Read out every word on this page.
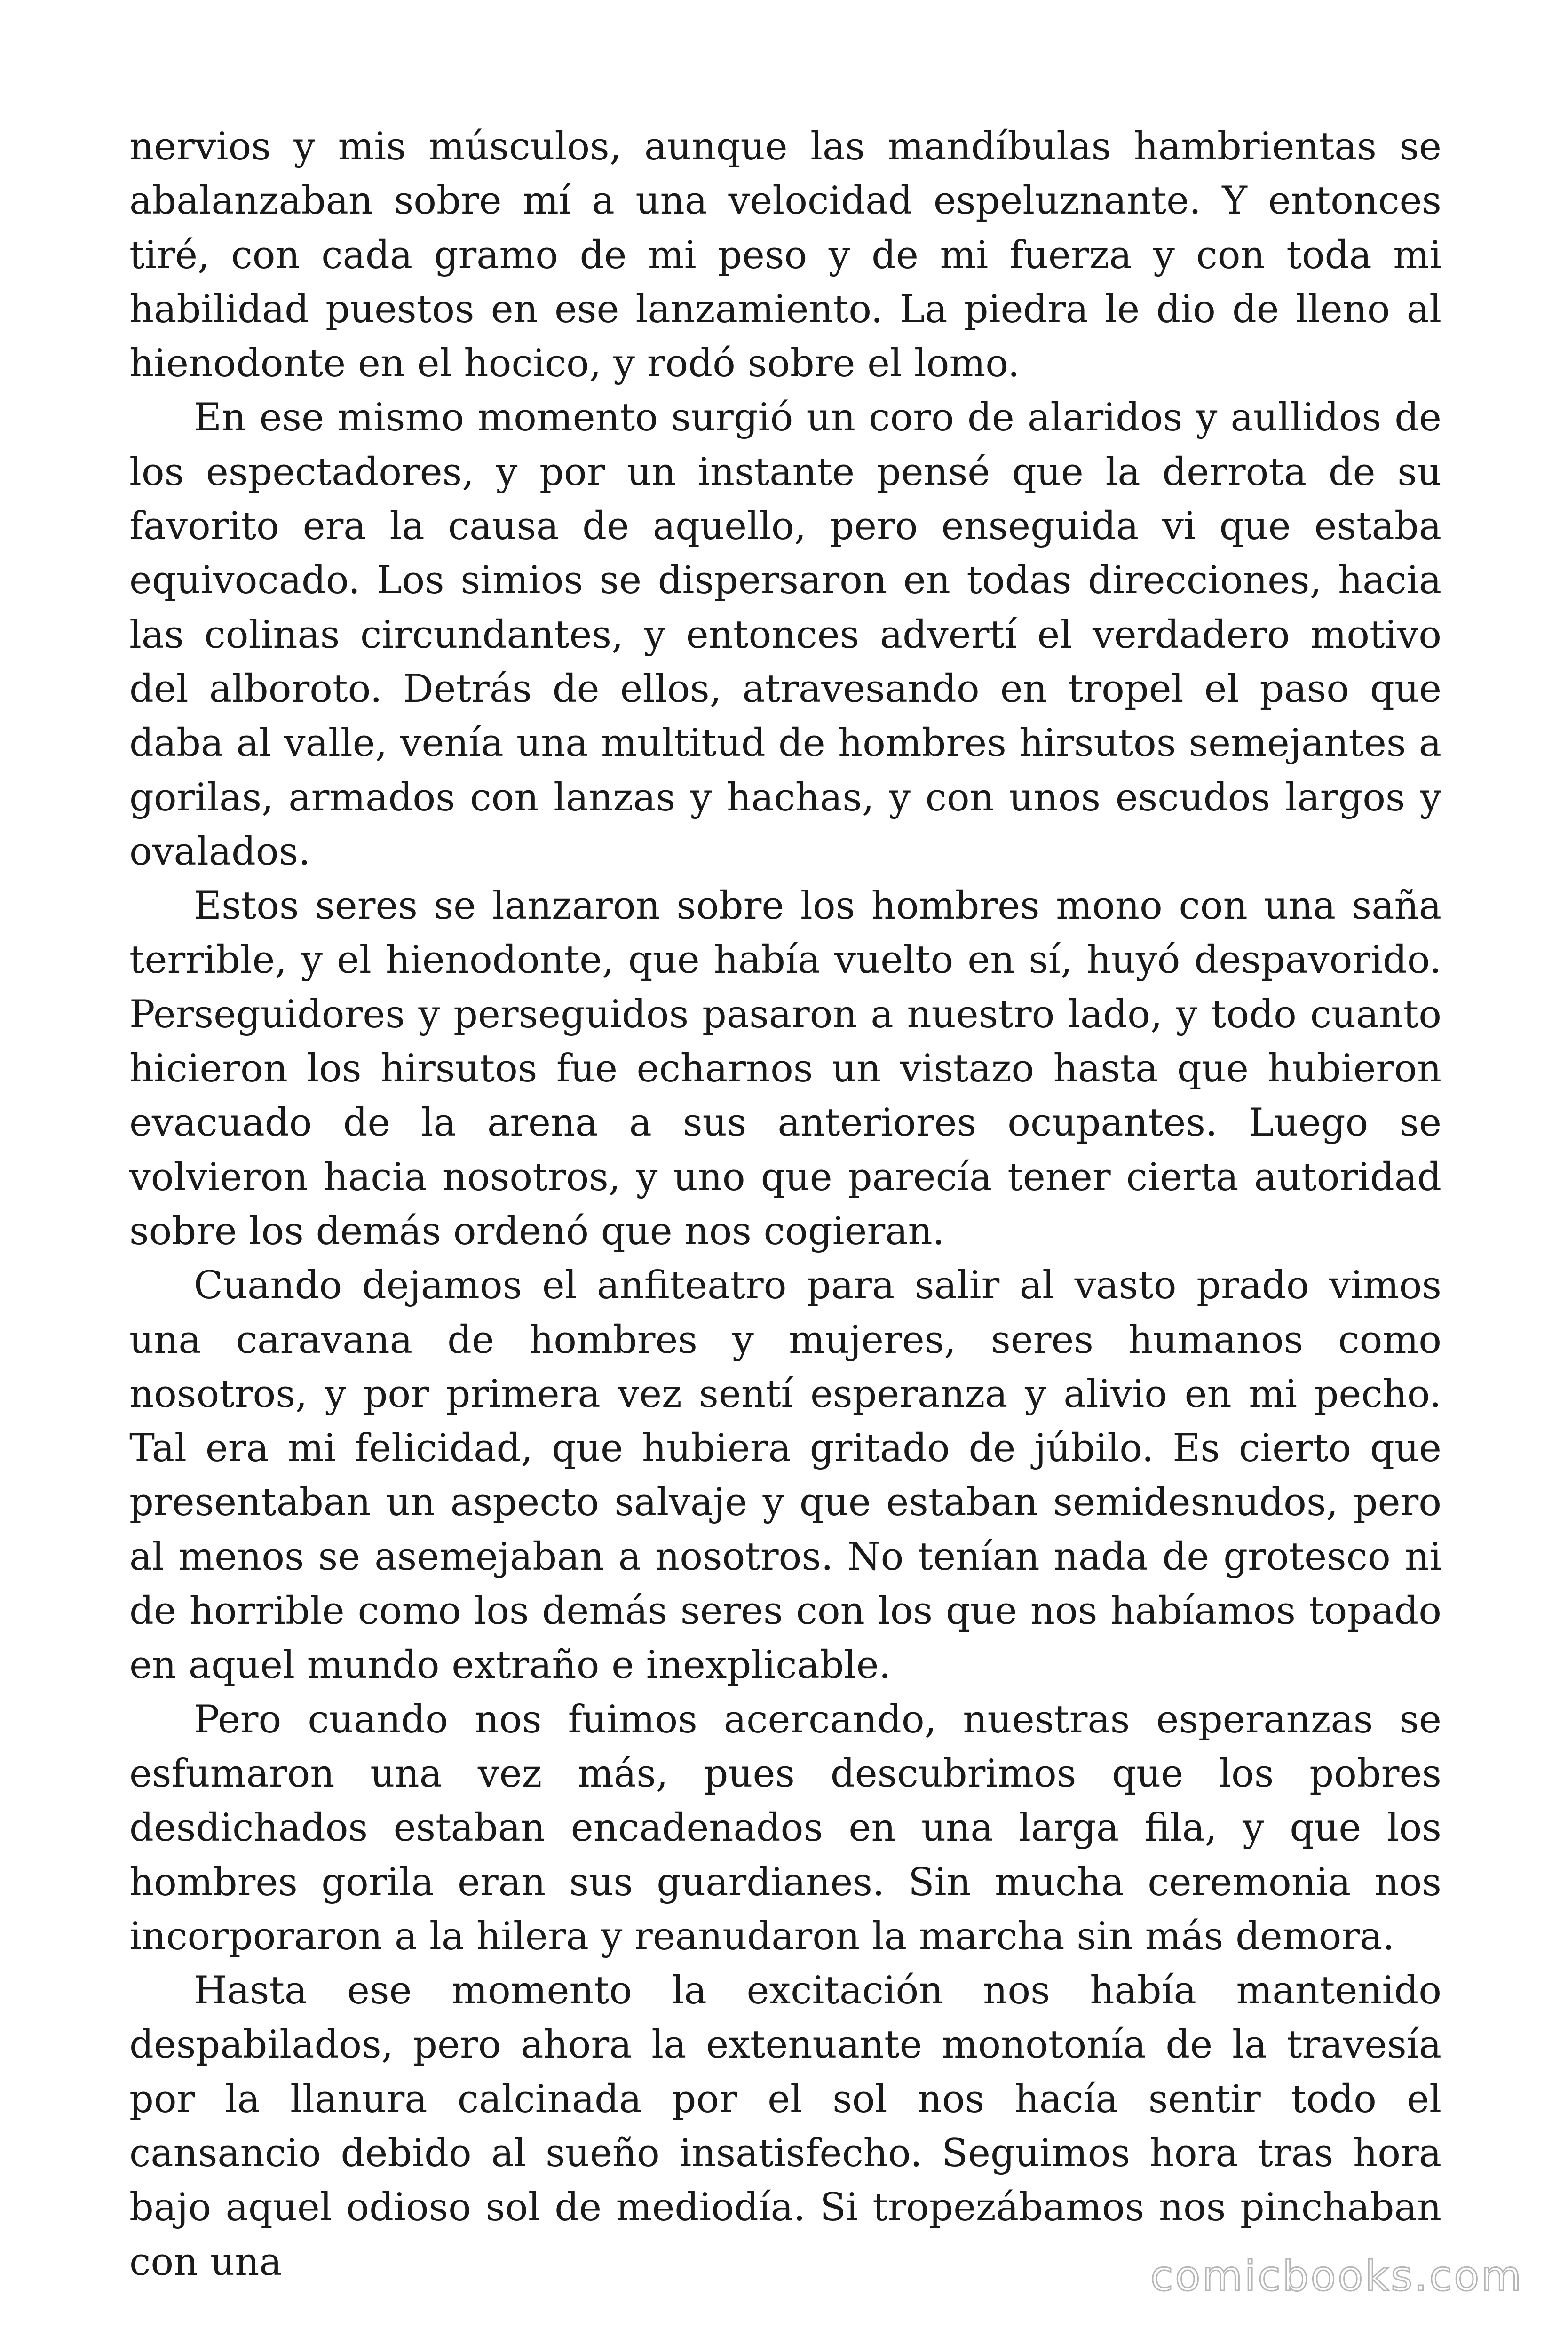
nervios y mis músculos, aunque las mandíbulas hambrientas se abalanzaban sobre mí a una velocidad espeluznante. Y entonces tiré, con cada gramo de mi peso y de mi fuerza y con toda mi habilidad puestos en ese lanzamiento. La piedra le dio de lleno al hienodonte en el hocico, y rodó sobre el lomo.

En ese mismo momento surgió un coro de alaridos y aullidos de los espectadores, y por un instante pensé que la derrota de su favorito era la causa de aquello, pero enseguida vi que estaba equivocado. Los simios se dispersaron en todas direcciones, hacia las colinas circundantes, y entonces advertí el verdadero motivo del alboroto. Detrás de ellos, atravesando en tropel el paso que daba al valle, venía una multitud de hombres hirsutos semejantes a gorilas, armados con lanzas y hachas, y con unos escudos largos y ovalados.

Estos seres se lanzaron sobre los hombres mono con una saña terrible, y el hienodonte, que había vuelto en sí, huyó despavorido. Perseguidores y perseguidos pasaron a nuestro lado, y todo cuanto hicieron los hirsutos fue echarnos un vistazo hasta que hubieron evacuado de la arena a sus anteriores ocupantes. Luego se volvieron hacia nosotros, y uno que parecía tener cierta autoridad sobre los demás ordenó que nos cogieran.

Cuando dejamos el anfiteatro para salir al vasto prado vimos una caravana de hombres y mujeres, seres humanos como nosotros, y por primera vez sentí esperanza y alivio en mi pecho. Tal era mi felicidad, que hubiera gritado de júbilo. Es cierto que presentaban un aspecto salvaje y que estaban semidesnudos, pero al menos se asemejaban a nosotros. No tenían nada de grotesco ni de horrible como los demás seres con los que nos habíamos topado en aquel mundo extraño e inexplicable.

Pero cuando nos fuimos acercando, nuestras esperanzas se esfumaron una vez más, pues descubrimos que los pobres desdichados estaban encadenados en una larga fila, y que los hombres gorila eran sus guardianes. Sin mucha ceremonia nos incorporaron a la hilera y reanudaron la marcha sin más demora.

Hasta ese momento la excitación nos había mantenido despabilados, pero ahora la extenuante monotonía de la travesía por la llanura calcinada por el sol nos hacía sentir todo el cansancio debido al sueño insatisfecho. Seguimos hora tras hora bajo aquel odioso sol de mediodía. Si tropezábamos nos pinchaban con una	comicbooks.com
